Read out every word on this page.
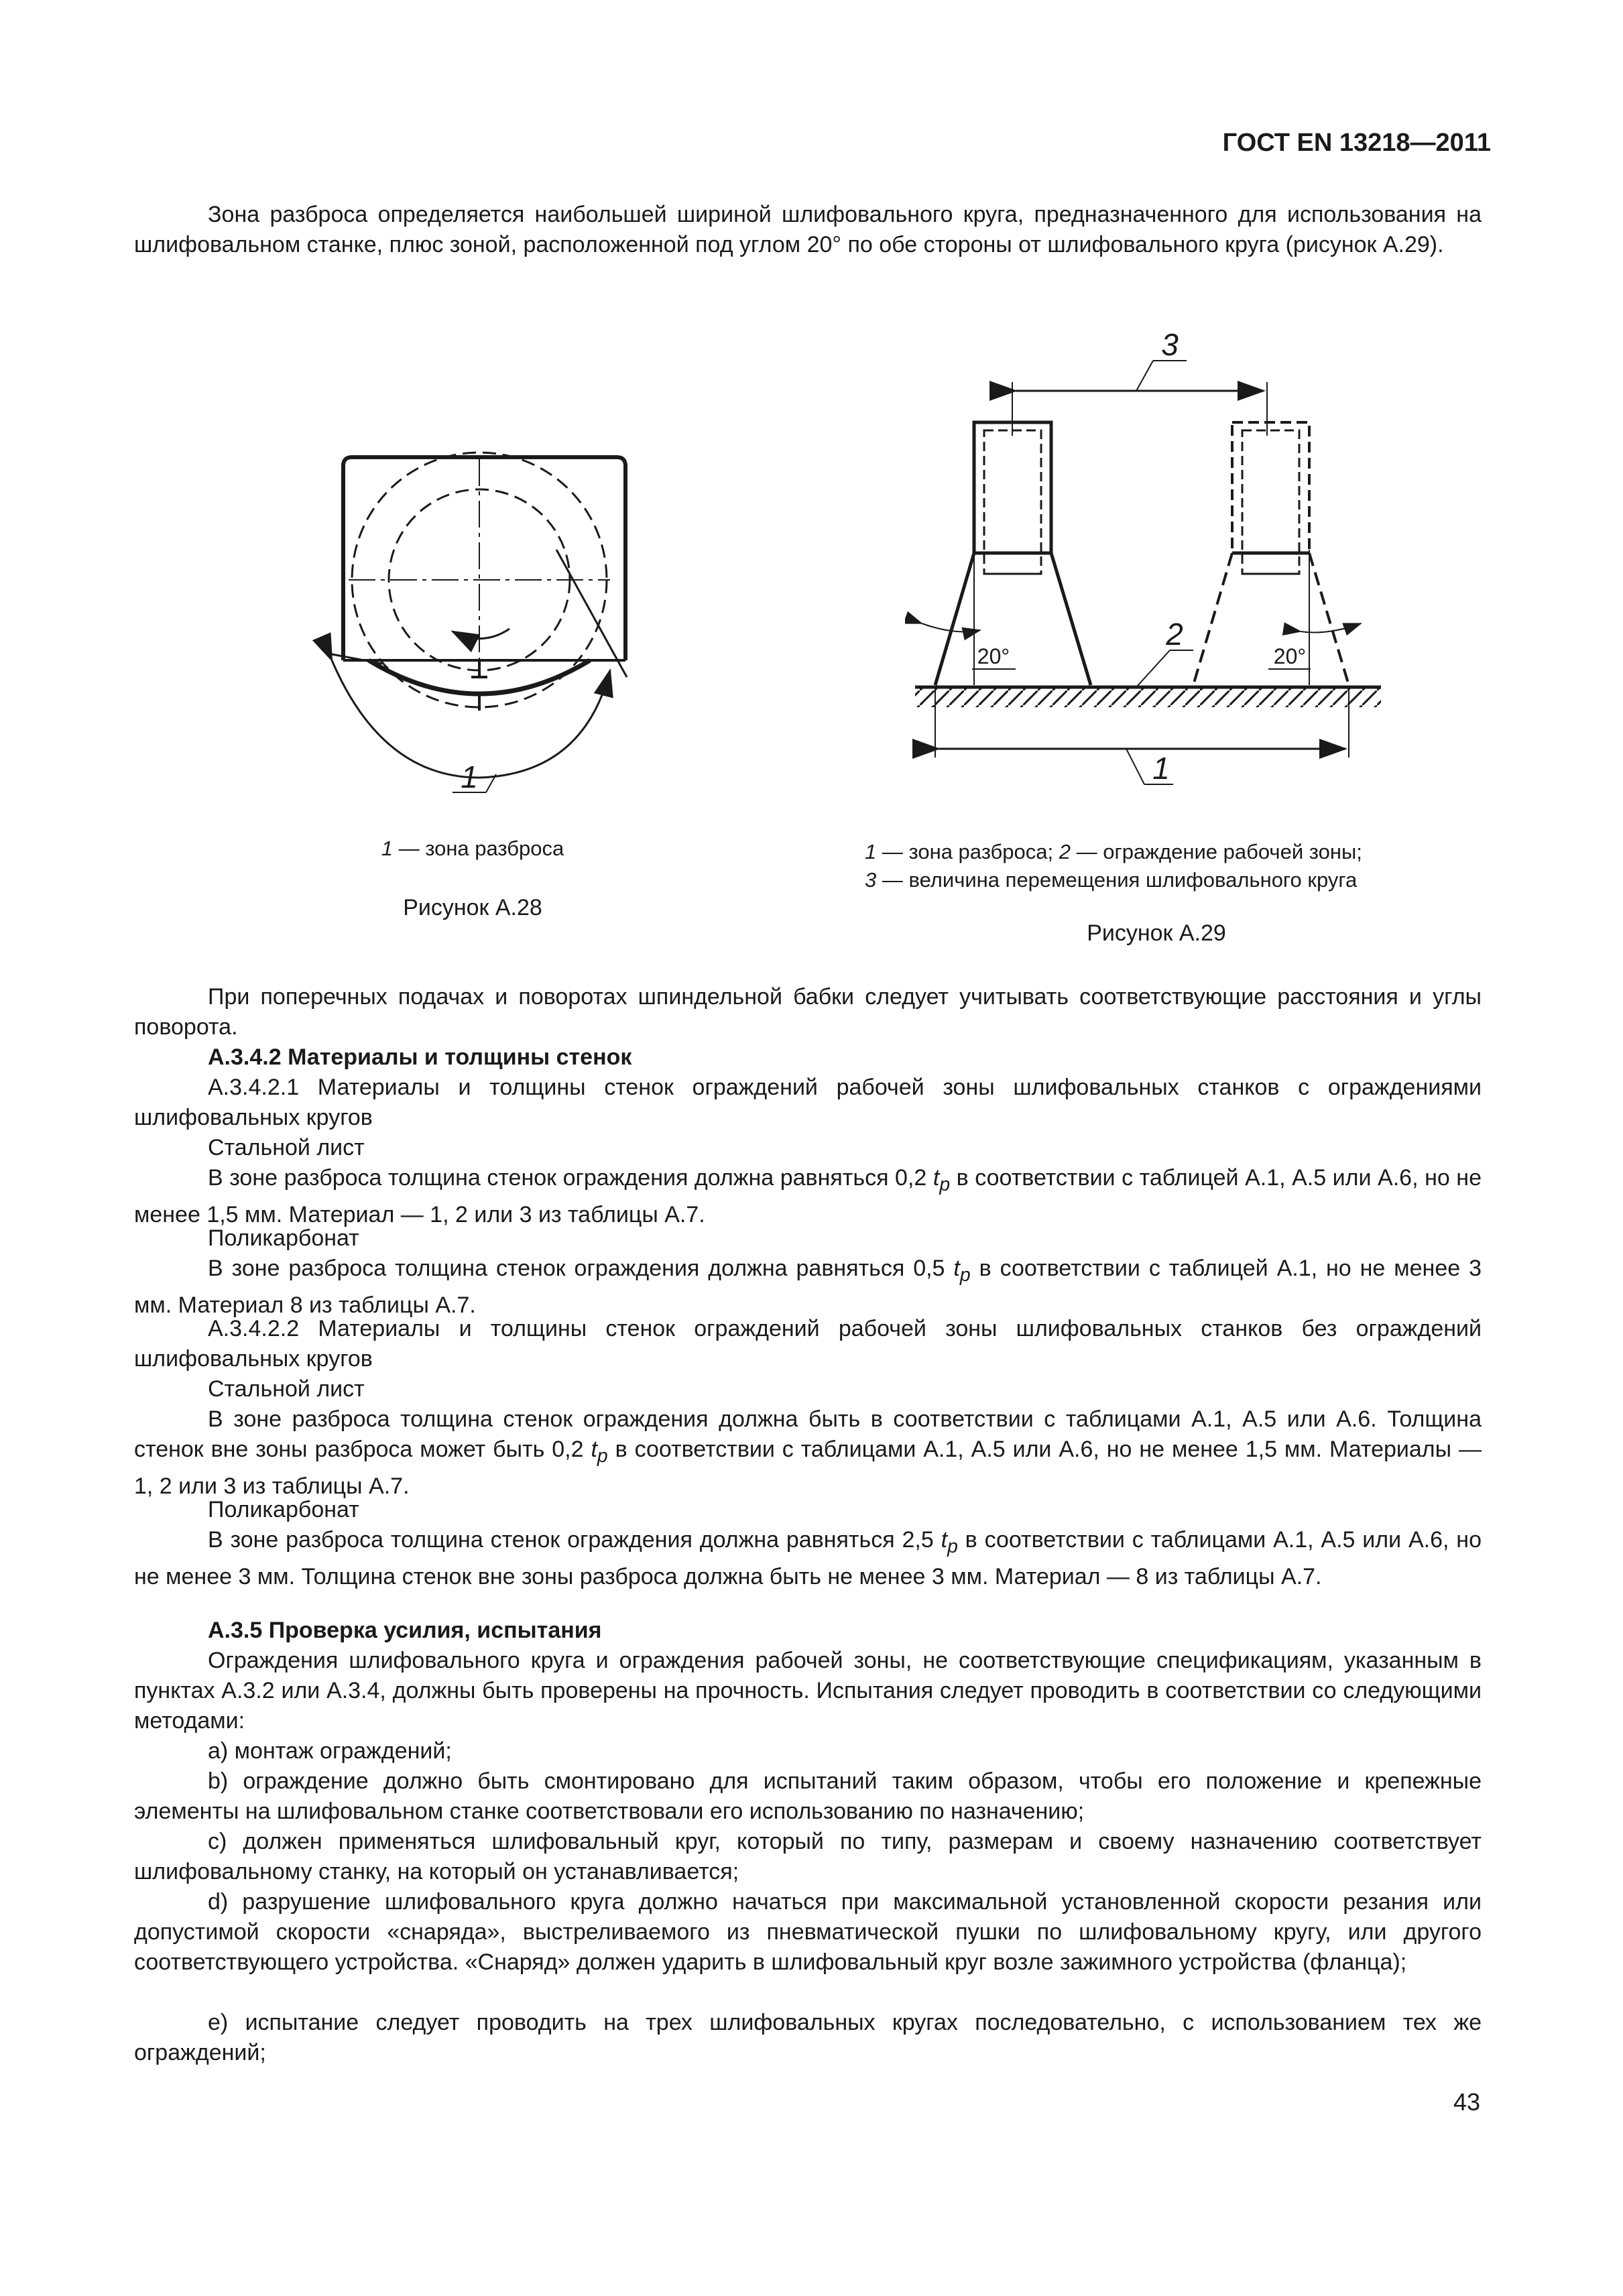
ГОСТ EN 13218—2011

Зона разброса определяется наибольшей шириной шлифовального круга, предназначенного для использования на шлифовальном станке, плюс зоной, расположенной под углом 20° по обе стороны от шлифовального круга (рисунок А.29).

1

1 — зона разброса

Рисунок А.28

3
20°	20°
2
1

1 — зона разброса; 2 — ограждение рабочей зоны;
3 — величина перемещения шлифовального круга

Рисунок А.29

При поперечных подачах и поворотах шпиндельной бабки следует учитывать соответствующие расстояния и углы поворота.

А.3.4.2 Материалы и толщины стенок

А.3.4.2.1 Материалы и толщины стенок ограждений рабочей зоны шлифовальных станков с ограждениями шлифовальных кругов

Стальной лист

В зоне разброса толщина стенок ограждения должна равняться 0,2 $t_p$ в соответствии с таблицей А.1, А.5 или А.6, но не менее 1,5 мм. Материал — 1, 2 или 3 из таблицы А.7.

Поликарбонат

В зоне разброса толщина стенок ограждения должна равняться 0,5 $t_p$ в соответствии с таблицей А.1, но не менее 3 мм. Материал 8 из таблицы А.7.

А.3.4.2.2 Материалы и толщины стенок ограждений рабочей зоны шлифовальных станков без ограждений шлифовальных кругов

Стальной лист

В зоне разброса толщина стенок ограждения должна быть в соответствии с таблицами А.1, А.5 или А.6. Толщина стенок вне зоны разброса может быть 0,2 $t_p$ в соответствии с таблицами А.1, А.5 или А.6, но не менее 1,5 мм. Материалы — 1, 2 или 3 из таблицы А.7.

Поликарбонат

В зоне разброса толщина стенок ограждения должна равняться 2,5 $t_p$ в соответствии с таблицами А.1, А.5 или А.6, но не менее 3 мм. Толщина стенок вне зоны разброса должна быть не менее 3 мм. Материал — 8 из таблицы А.7.

А.3.5 Проверка усилия, испытания

Ограждения шлифовального круга и ограждения рабочей зоны, не соответствующие спецификациям, указанным в пунктах А.3.2 или А.3.4, должны быть проверены на прочность. Испытания следует проводить в соответствии со следующими методами:

a) монтаж ограждений;

b) ограждение должно быть смонтировано для испытаний таким образом, чтобы его положение и крепежные элементы на шлифовальном станке соответствовали его использованию по назначению;

c) должен применяться шлифовальный круг, который по типу, размерам и своему назначению соответствует шлифовальному станку, на который он устанавливается;

d) разрушение шлифовального круга должно начаться при максимальной установленной скорости резания или допустимой скорости «снаряда», выстреливаемого из пневматической пушки по шлифовальному кругу, или другого соответствующего устройства. «Снаряд» должен ударить в шлифовальный круг возле зажимного устройства (фланца);

e) испытание следует проводить на трех шлифовальных кругах последовательно, с использованием тех же ограждений;

43
